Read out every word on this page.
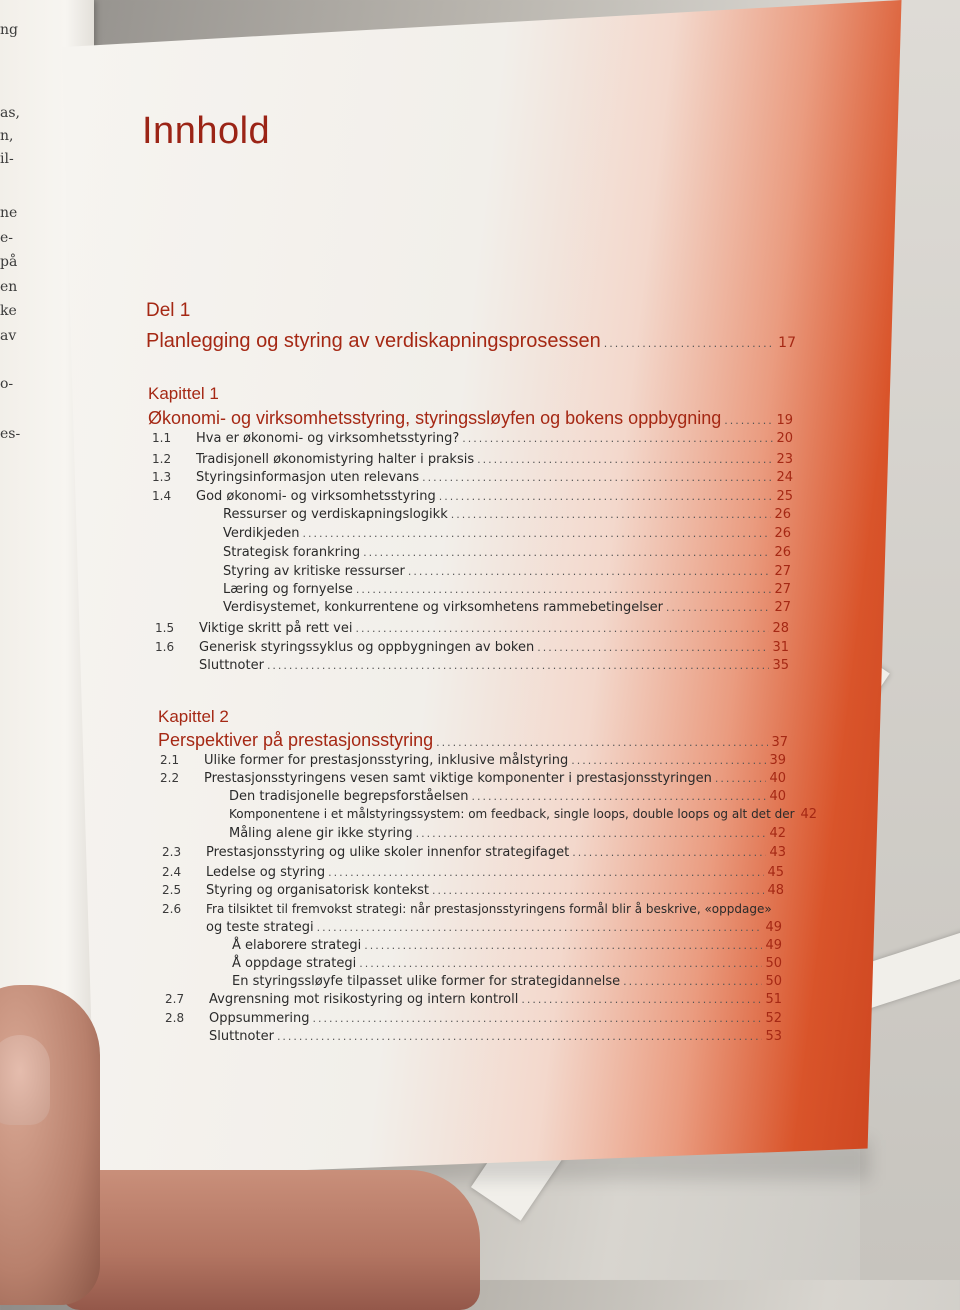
ng
as,
n,
il-
ne
e-
på
en
ke
av
o-
es-
Innhold
Del 1
Planlegging og styring av verdiskapningsprosessen .....	17
Kapittel 1
Økonomi- og virksomhetsstyring, styringssløyfen og bokens oppbygning .....	19
1.1	Hva er økonomi- og virksomhetsstyring? .....	20
1.2	Tradisjonell økonomistyring halter i praksis .....	23
1.3	Styringsinformasjon uten relevans .....	24
1.4	God økonomi- og virksomhetsstyring .....	25
Ressurser og verdiskapningslogikk .....	26
Verdikjeden .....	26
Strategisk forankring .....	26
Styring av kritiske ressurser .....	27
Læring og fornyelse .....	27
Verdisystemet, konkurrentene og virksomhetens rammebetingelser .....	27
1.5	Viktige skritt på rett vei .....	28
1.6	Generisk styringssyklus og oppbygningen av boken .....	31
Sluttnoter .....	35
Kapittel 2
Perspektiver på prestasjonsstyring .....	37
2.1	Ulike former for prestasjonsstyring, inklusive målstyring .....	39
2.2	Prestasjonsstyringens vesen samt viktige komponenter i prestasjonsstyringen .....	40
Den tradisjonelle begrepsforståelsen .....	40
Komponentene i et målstyringssystem: om feedback, single loops, double loops og alt det der 42
Måling alene gir ikke styring .....	42
2.3	Prestasjonsstyring og ulike skoler innenfor strategifaget .....	43
2.4	Ledelse og styring .....	45
2.5	Styring og organisatorisk kontekst .....	48
2.6	Fra tilsiktet til fremvokst strategi: når prestasjonsstyringens formål blir å beskrive, «oppdage»
og teste strategi .....	49
Å elaborere strategi .....	49
Å oppdage strategi .....	50
En styringssløyfe tilpasset ulike former for strategidannelse .....	50
2.7	Avgrensning mot risikostyring og intern kontroll .....	51
2.8	Oppsummering .....	52
Sluttnoter .....	53
